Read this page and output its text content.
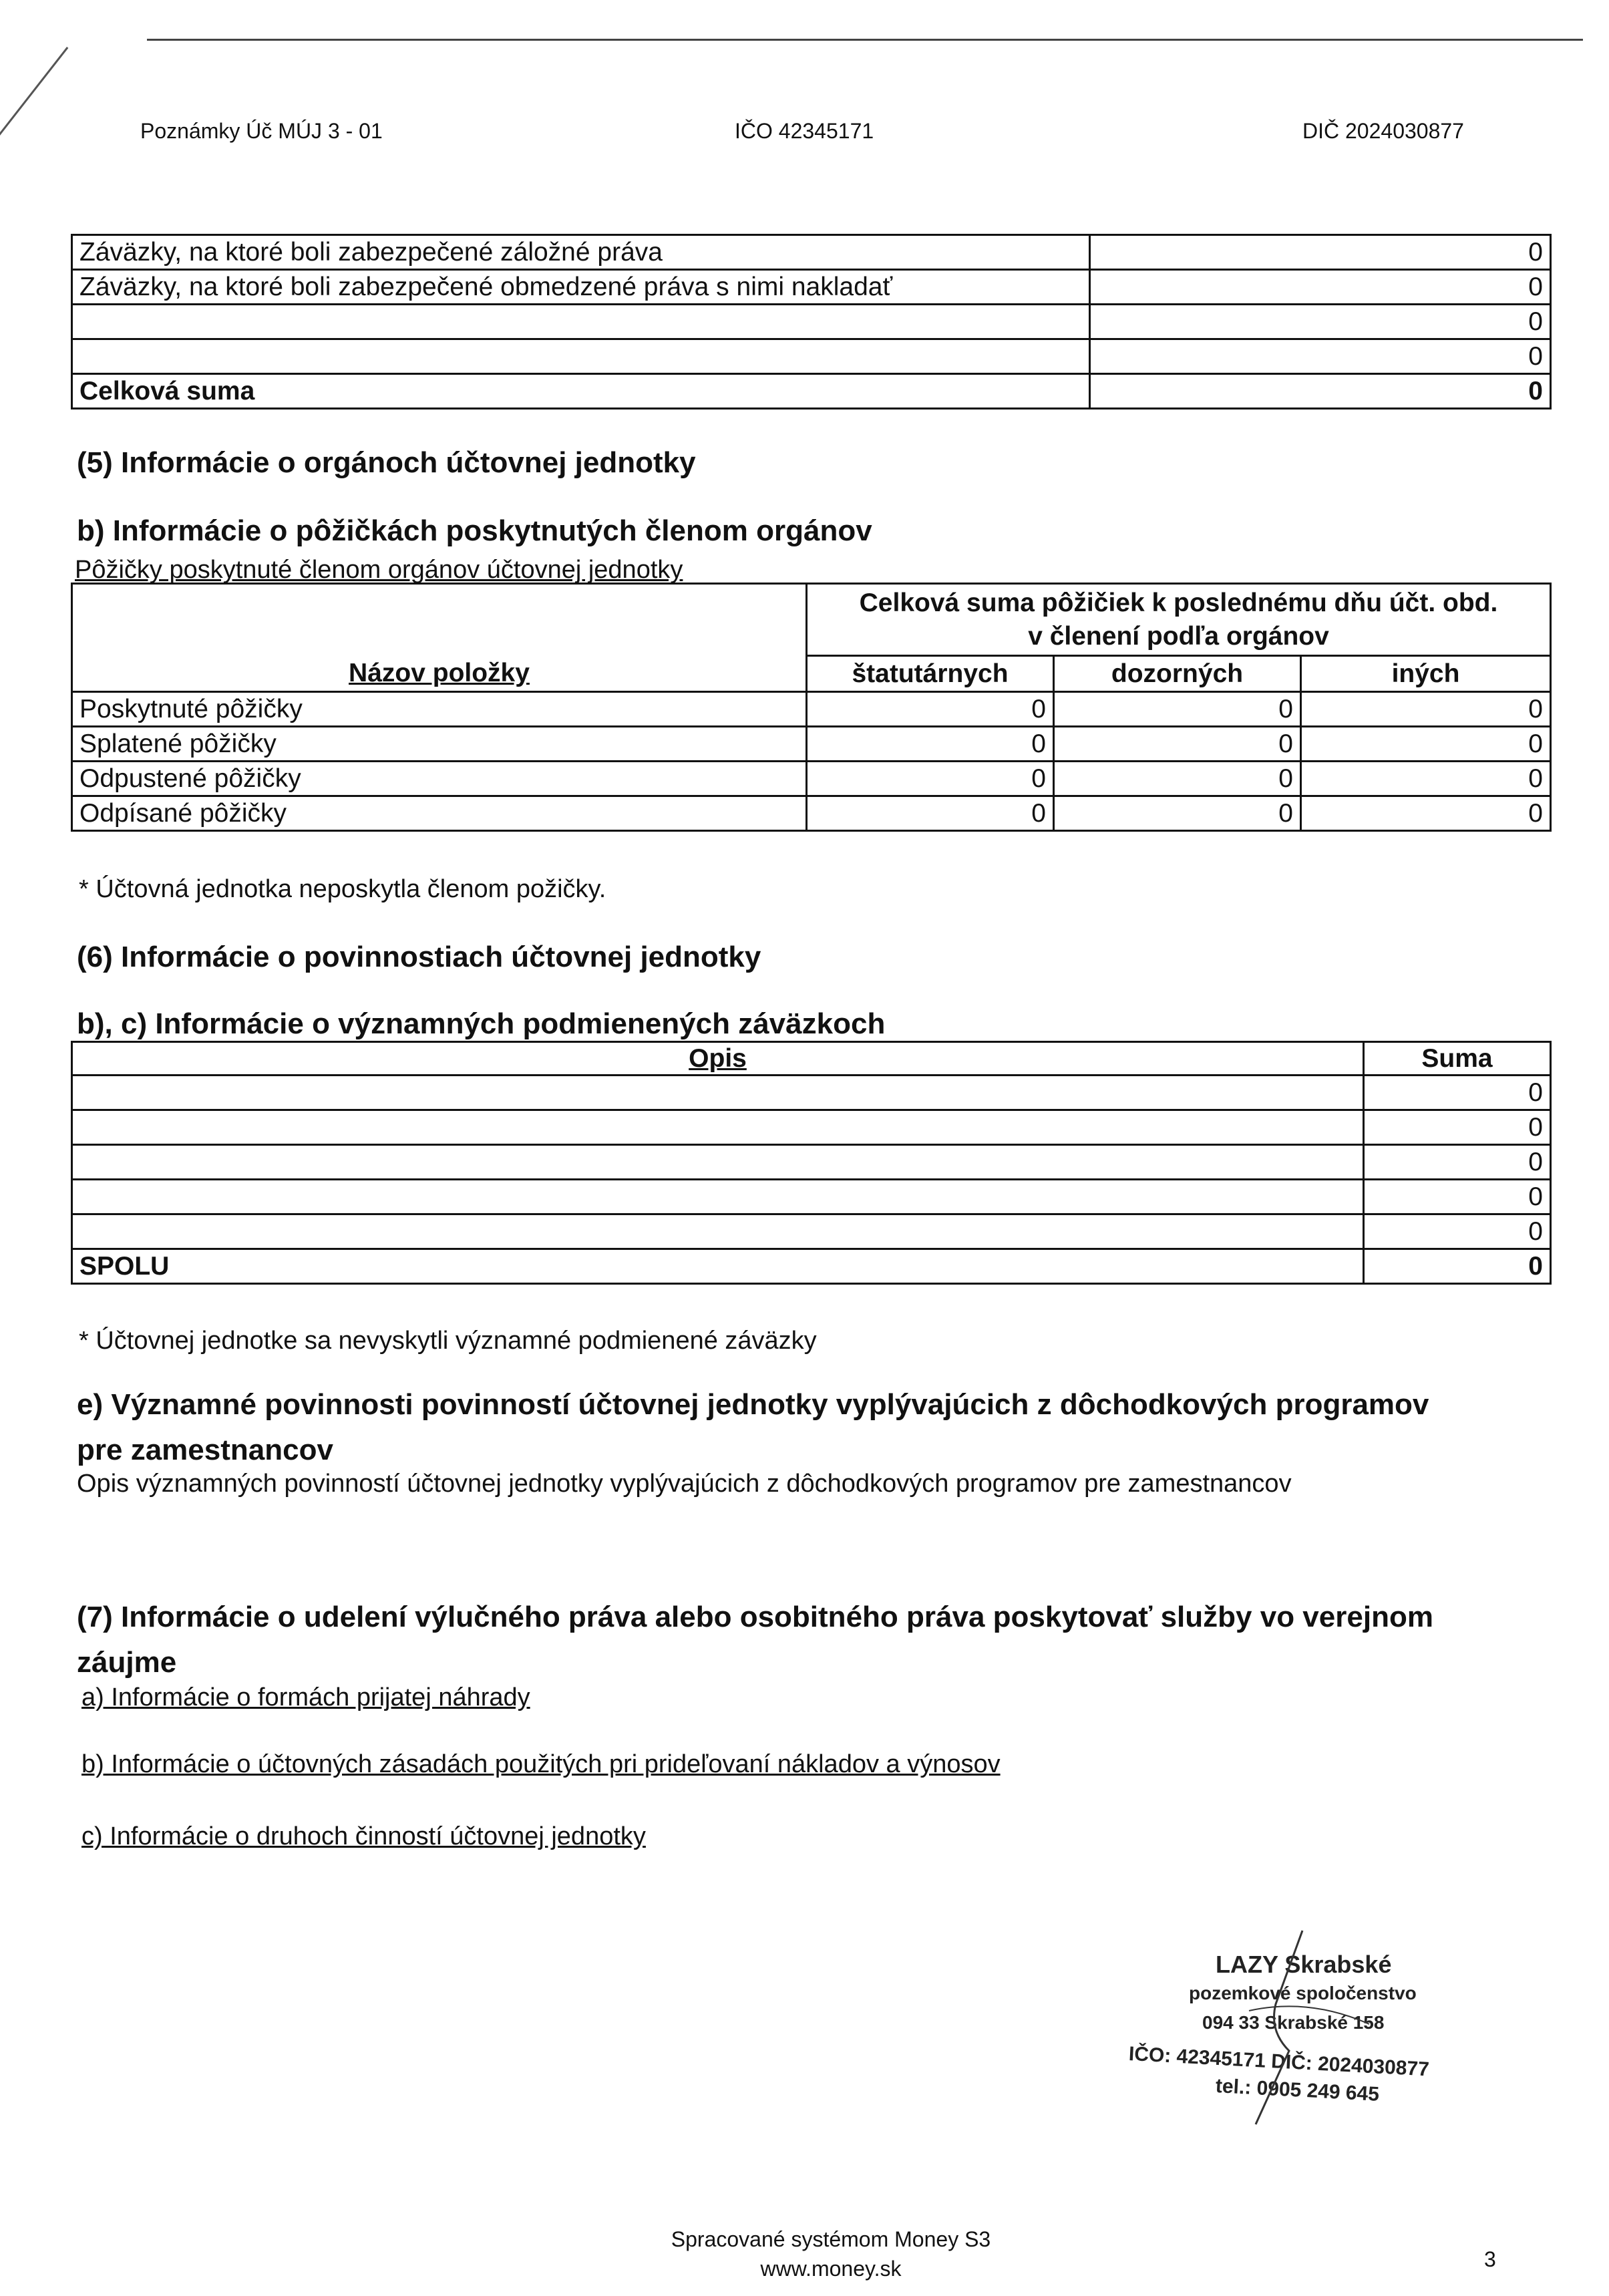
Poznámky Úč MÚJ 3 - 01	IČO 42345171	DIČ 2024030877
Záväzky, na ktoré boli zabezpečené záložné práva	0
Záväzky, na ktoré boli zabezpečené obmedzené práva s nimi nakladať	0
	0
	0
Celková suma	0
(5) Informácie o orgánoch účtovnej jednotky
b) Informácie o pôžičkách poskytnutých členom orgánov
Pôžičky poskytnuté členom orgánov účtovnej jednotky

	Celková suma pôžičiek k poslednému dňu účt. obd.
v členení podľa orgánov		

Názov položky	štatutárnych	dozorných	iných
Poskytnuté pôžičky	0	0	0
Splatené pôžičky	0	0	0
Odpustené pôžičky	0	0	0
Odpísané pôžičky	0	0	0
* Účtovná jednotka neposkytla členom požičky.
(6) Informácie o povinnostiach účtovnej jednotky
b), c) Informácie o významných podmienených záväzkoch
Opis	Suma
	0
	0
	0
	0
	0
SPOLU	0
* Účtovnej jednotke sa nevyskytli významné podmienené záväzky
e) Významné povinnosti povinností účtovnej jednotky vyplývajúcich z dôchodkových programov
pre zamestnancov
Opis významných povinností účtovnej jednotky vyplývajúcich z dôchodkových programov pre zamestnancov
(7) Informácie o udelení výlučného práva alebo osobitného práva poskytovať služby vo verejnom
záujme
a) Informácie o formách prijatej náhrady
b) Informácie o účtovných zásadách použitých pri prideľovaní nákladov a výnosov
c) Informácie o druhoch činností účtovnej jednotky
LAZY Skrabské
pozemkové spoločenstvo
094 33 Skrabské 158
IČO: 42345171 DIČ: 2024030877
tel.: 0905 249 645
Spracované systémom Money S3
www.money.sk	3
